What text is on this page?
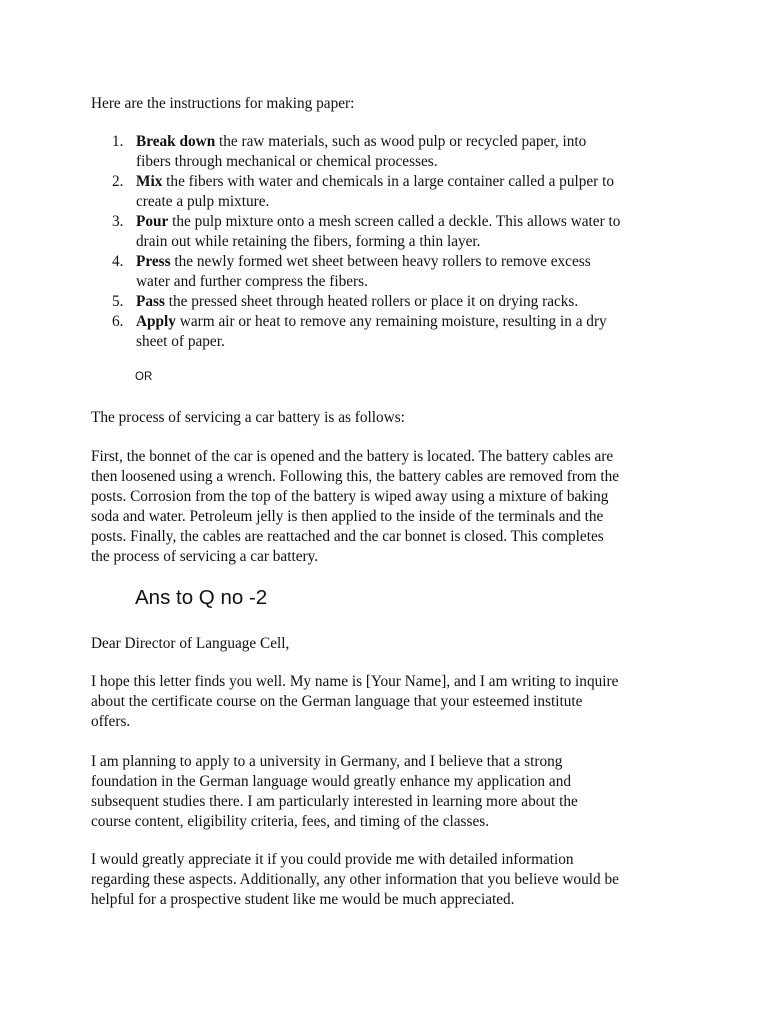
Here are the instructions for making paper:
1. Break down the raw materials, such as wood pulp or recycled paper, into
fibers through mechanical or chemical processes.
2. Mix the fibers with water and chemicals in a large container called a pulper to
create a pulp mixture.
3. Pour the pulp mixture onto a mesh screen called a deckle. This allows water to
drain out while retaining the fibers, forming a thin layer.
4. Press the newly formed wet sheet between heavy rollers to remove excess
water and further compress the fibers.
5. Pass the pressed sheet through heated rollers or place it on drying racks.
6. Apply warm air or heat to remove any remaining moisture, resulting in a dry
sheet of paper.
OR
The process of servicing a car battery is as follows:
First, the bonnet of the car is opened and the battery is located. The battery cables are
then loosened using a wrench. Following this, the battery cables are removed from the
posts. Corrosion from the top of the battery is wiped away using a mixture of baking
soda and water. Petroleum jelly is then applied to the inside of the terminals and the
posts. Finally, the cables are reattached and the car bonnet is closed. This completes
the process of servicing a car battery.
Ans to Q no -2
Dear Director of Language Cell,
I hope this letter finds you well. My name is [Your Name], and I am writing to inquire
about the certificate course on the German language that your esteemed institute
offers.
I am planning to apply to a university in Germany, and I believe that a strong
foundation in the German language would greatly enhance my application and
subsequent studies there. I am particularly interested in learning more about the
course content, eligibility criteria, fees, and timing of the classes.
I would greatly appreciate it if you could provide me with detailed information
regarding these aspects. Additionally, any other information that you believe would be
helpful for a prospective student like me would be much appreciated.
